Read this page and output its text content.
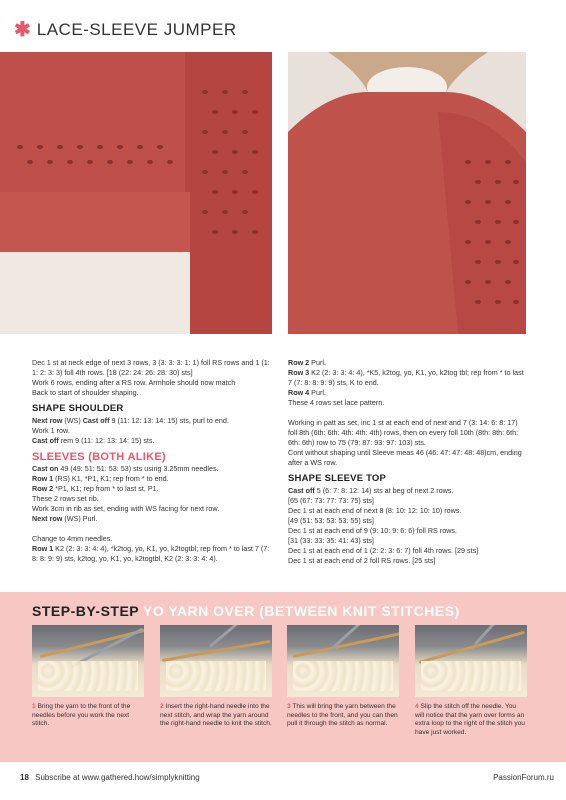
✱ LACE-SLEEVE JUMPER

Dec 1 st at neck edge of next 3 rows, 3 (3: 3: 3: 1: 1) foll RS rows and 1 (1: 1: 2: 3: 3) foll 4th rows. [18 (22: 24: 26: 28: 30) sts]

Work 6 rows, ending after a RS row. Armhole should now match

Back to start of shoulder shaping.

SHAPE SHOULDER

Next row (WS) Cast off 9 (11: 12: 13: 14: 15) sts, purl to end.

Work 1 row.

Cast off rem 9 (11: 12: 13: 14: 15) sts.

SLEEVES (BOTH ALIKE)

Cast on 49 (49: 51: 51: 53: 53) sts using 3.25mm needles.

Row 1 (RS) K1, *P1, K1; rep from * to end.

Row 2 *P1, K1; rep from * to last st, P1.

These 2 rows set rib.

Work 3cm in rib as set, ending with WS facing for next row.

Next row (WS) Purl.

Change to 4mm needles.

Row 1 K2 (2: 3: 3: 4: 4), *k2tog, yo, K1, yo, k2togtbl; rep from * to last 7 (7: 8: 8: 9: 9) sts, k2tog, yo, K1, yo, k2togtbl, K2 (2: 3: 3: 4: 4).

Row 2 Purl.

Row 3 K2 (2: 3: 3: 4: 4), *K5, k2tog, yo, K1, yo, k2tog tbl; rep from * to last 7 (7: 8: 8: 9: 9) sts, K to end.

Row 4 Purl.

These 4 rows set lace pattern.

Working in patt as set, inc 1 st at each end of next and 7 (3: 14: 6: 8: 17) foll 8th (6th: 6th: 4th: 4th: 4th) rows, then on every foll 10th (8th: 8th: 6th: 6th: 6th) row to 75 (79: 87: 93: 97: 103) sts.

Cont without shaping until Sleeve meas 46 (46: 47: 47: 48: 48)cm, ending after a WS row.

SHAPE SLEEVE TOP

Cast off 5 (6: 7: 8: 12: 14) sts at beg of next 2 rows.

[65 (67: 73: 77: 73: 75) sts]

Dec 1 st at each end of next 8 (8: 10: 12: 10: 10) rows.

[49 (51: 53: 53: 53: 55) sts]

Dec 1 st at each end of 9 (9: 10: 9: 6: 6) foll RS rows.

[31 (33: 33: 35: 41: 43) sts]

Dec 1 st at each end of 1 (2: 2: 3: 6: 7) foll 4th rows. [29 sts]

Dec 1 st at each end of 2 foll RS rows. [25 sts]

STEP-BY-STEP YO YARN OVER (BETWEEN KNIT STITCHES)
1 Bring the yarn to the front of the needles before you work the next stitch.
2 Insert the right-hand needle into the next stitch, and wrap the yarn around the right-hand needle to knit the stitch.
3 This will bring the yarn between the needles to the front, and you can then pull it through the stitch as normal.
4 Slip the stitch off the needle. You will notice that the yarn over forms an extra loop to the right of the stitch you have just worked.
18 Subscribe at www.gathered.how/simplyknitting	PassionForum.ru
